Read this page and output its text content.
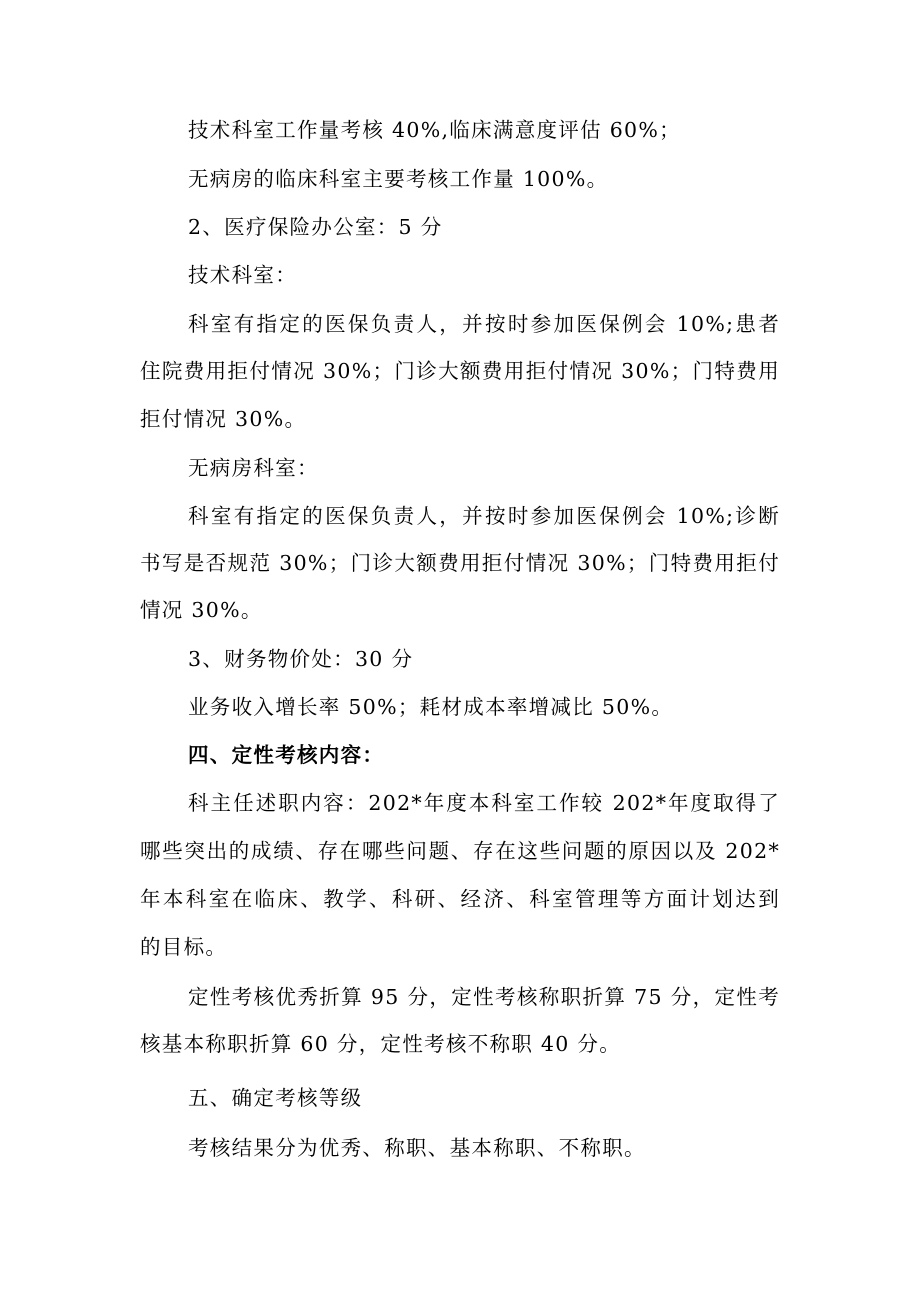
技术科室工作量考核 40%,临床满意度评估 60%；
无病房的临床科室主要考核工作量 100%。
2、医疗保险办公室：5 分
技术科室：
科室有指定的医保负责人，并按时参加医保例会 10%;患者
住院费用拒付情况 30%；门诊大额费用拒付情况 30%；门特费用
拒付情况 30%。
无病房科室：
科室有指定的医保负责人，并按时参加医保例会 10%;诊断
书写是否规范 30%；门诊大额费用拒付情况 30%；门特费用拒付
情况 30%。
3、财务物价处：30 分
业务收入增长率 50%；耗材成本率增减比 50%。
四、定性考核内容：
科主任述职内容：202*年度本科室工作较 202*年度取得了
哪些突出的成绩、存在哪些问题、存在这些问题的原因以及 202*
年本科室在临床、教学、科研、经济、科室管理等方面计划达到
的目标。
定性考核优秀折算 95 分，定性考核称职折算 75 分，定性考
核基本称职折算 60 分，定性考核不称职 40 分。
五、确定考核等级
考核结果分为优秀、称职、基本称职、不称职。
